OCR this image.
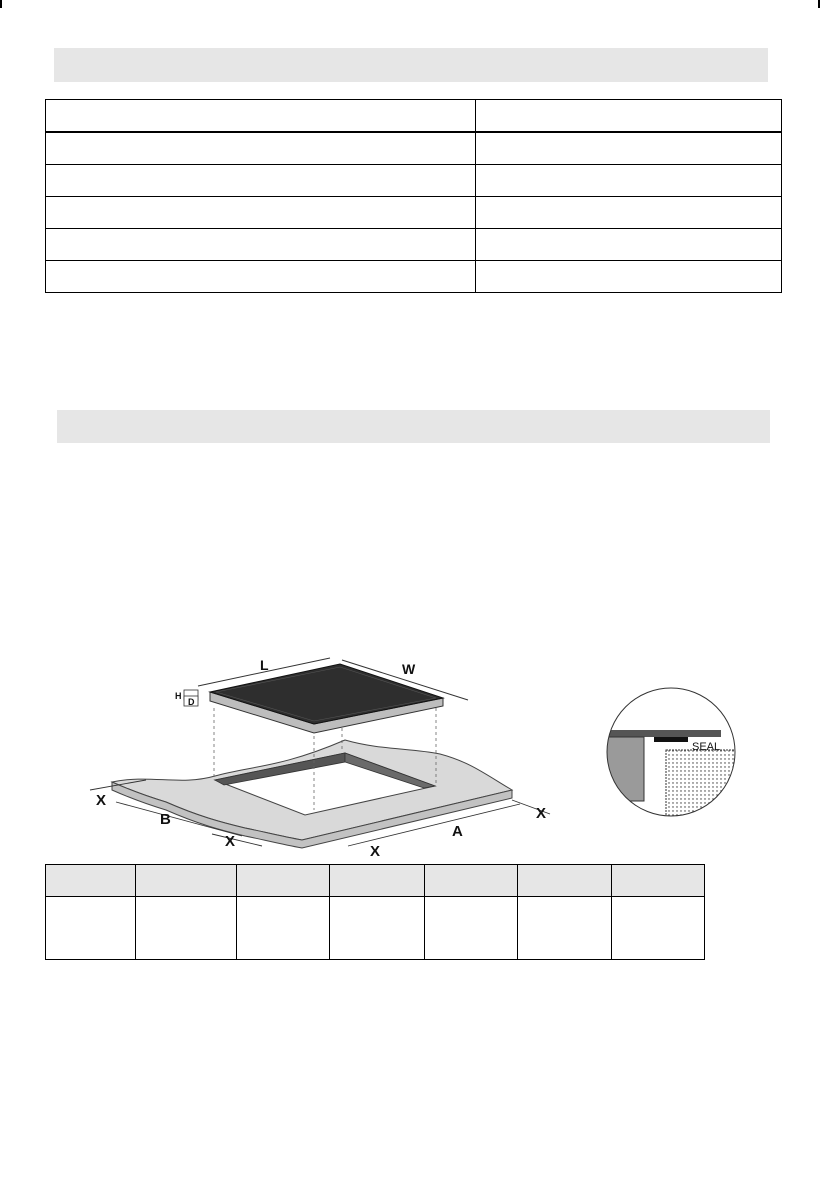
L	W
H
D
X
B
X
A
X
X
SEAL
